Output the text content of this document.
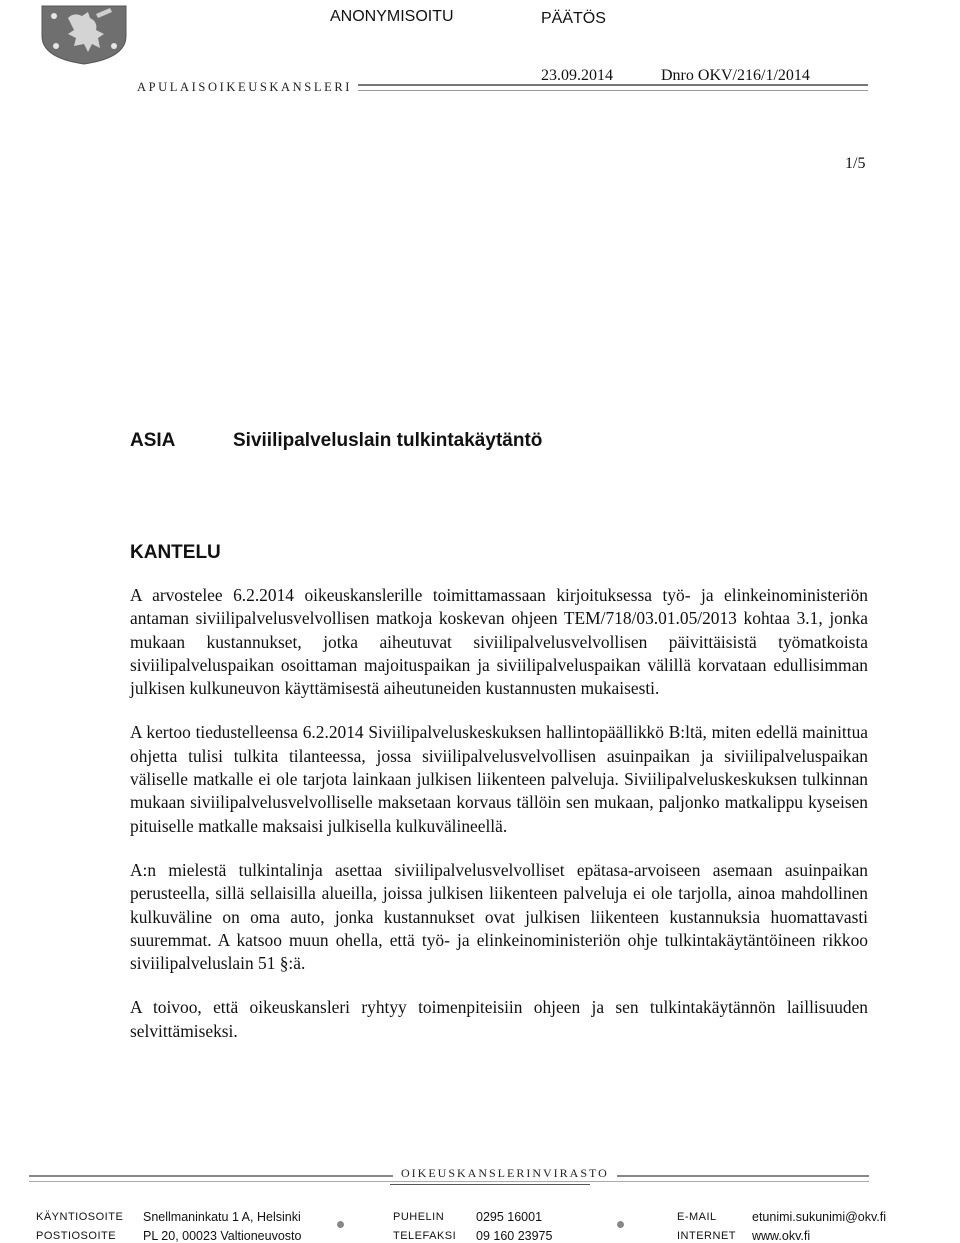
APULAISOIKEUSKANSLERI
ANONYMISOITU	PÄÄTÖS
23.09.2014	Dnro OKV/216/1/2014
1/5
ASIA	Siviilipalveluslain tulkintakäytäntö
KANTELU

A arvostelee 6.2.2014 oikeuskanslerille toimittamassaan kirjoituksessa työ- ja elinkeinoministeriön antaman siviilipalvelusvelvollisen matkoja koskevan ohjeen TEM/718/03.01.05/2013 kohtaa 3.1, jonka mukaan kustannukset, jotka aiheutuvat siviilipalvelusvelvollisen päivittäisistä työmatkoista siviilipalveluspaikan osoittaman majoituspaikan ja siviilipalveluspaikan välillä korvataan edullisimman julkisen kulkuneuvon käyttämisestä aiheutuneiden kustannusten mukaisesti.

A kertoo tiedustelleensa 6.2.2014 Siviilipalveluskeskuksen hallintopäällikkö B:ltä, miten edellä mainittua ohjetta tulisi tulkita tilanteessa, jossa siviilipalvelusvelvollisen asuinpaikan ja siviilipalveluspaikan väliselle matkalle ei ole tarjota lainkaan julkisen liikenteen palveluja. Siviilipalveluskeskuksen tulkinnan mukaan siviilipalvelusvelvolliselle maksetaan korvaus tällöin sen mukaan, paljonko matkalippu kyseisen pituiselle matkalle maksaisi julkisella kulkuvälineellä.

A:n mielestä tulkintalinja asettaa siviilipalvelusvelvolliset epätasa-arvoiseen asemaan asuinpaikan perusteella, sillä sellaisilla alueilla, joissa julkisen liikenteen palveluja ei ole tarjolla, ainoa mahdollinen kulkuväline on oma auto, jonka kustannukset ovat julkisen liikenteen kustannuksia huomattavasti suuremmat. A katsoo muun ohella, että työ- ja elinkeinoministeriön ohje tulkintakäytäntöineen rikkoo siviilipalveluslain 51 §:ä.

A toivoo, että oikeuskansleri ryhtyy toimenpiteisiin ohjeen ja sen tulkintakäytännön laillisuuden selvittämiseksi.

OIKEUSKANSLERINVIRASTO
KÄYNTIOSOITE Snellmaninkatu 1 A, Helsinki
POSTIOSOITE PL 20, 00023 Valtioneuvosto
PUHELIN	0295 16001
TELEFAKSI 09 160 23975
E-MAIL	etunimi.sukunimi@okv.fi
INTERNET www.okv.fi
